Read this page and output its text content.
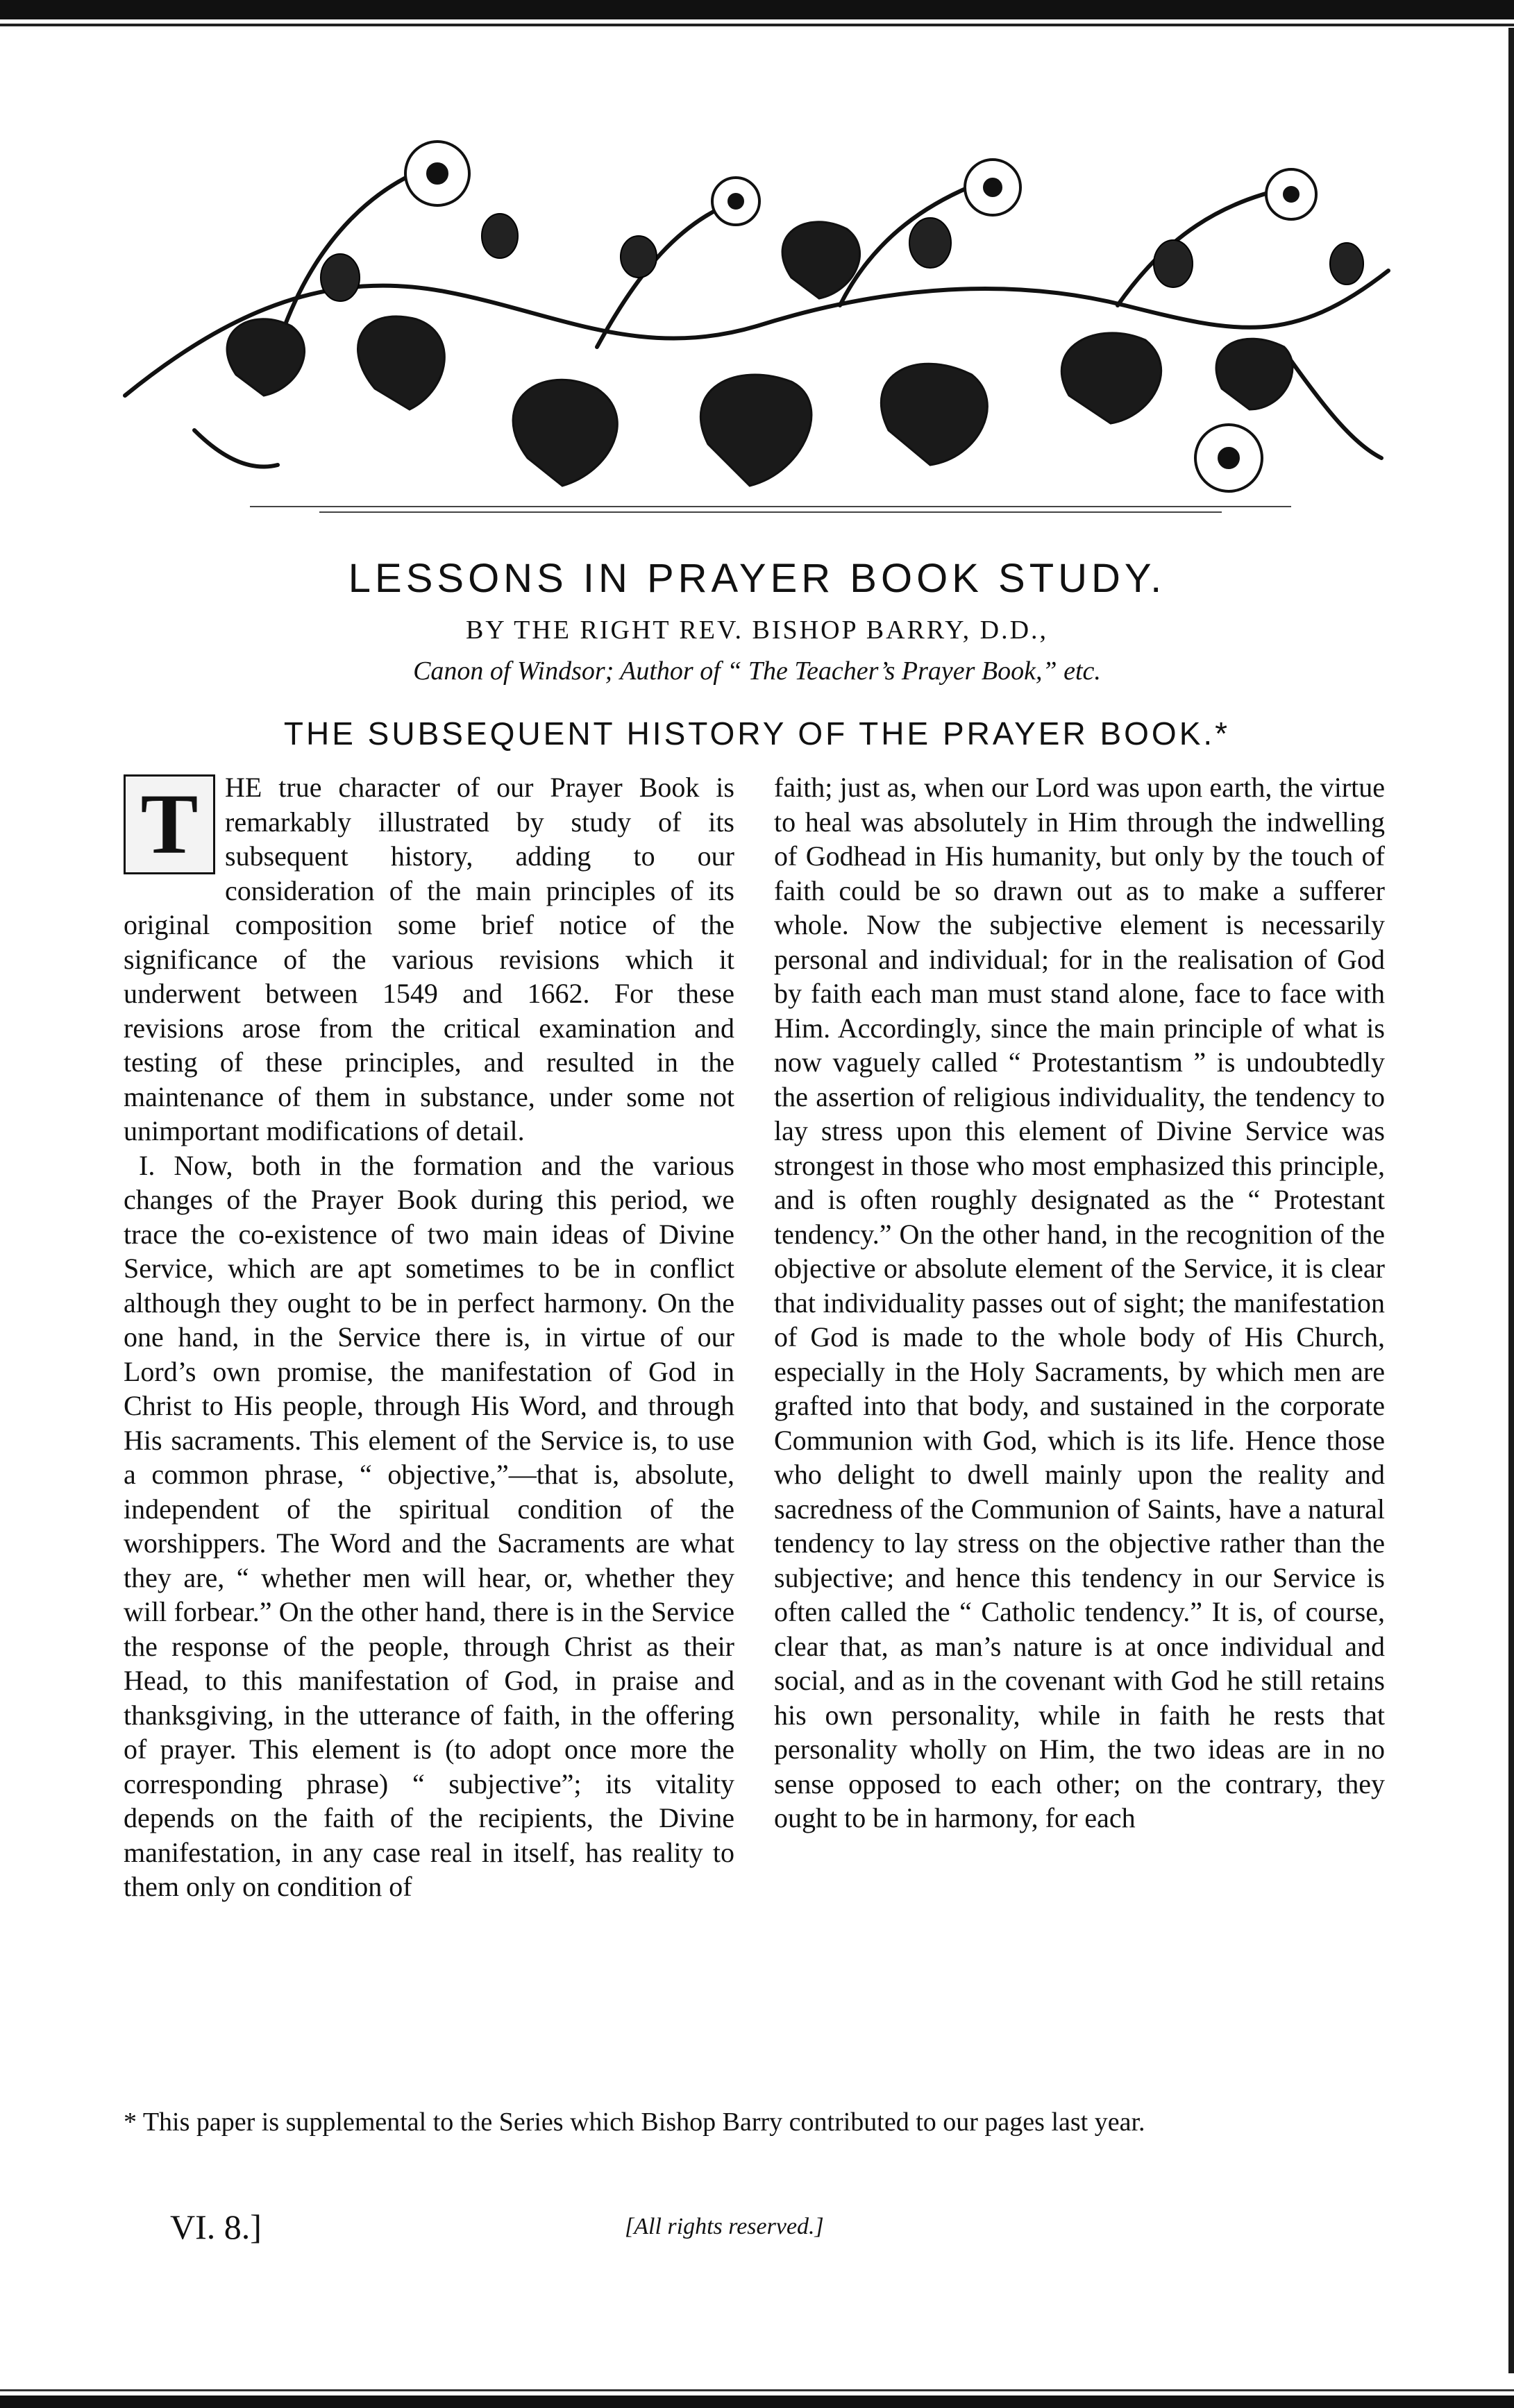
LESSONS IN PRAYER BOOK STUDY.
BY THE RIGHT REV. BISHOP BARRY, D.D.,
Canon of Windsor; Author of “ The Teacher’s Prayer Book,” etc.
THE SUBSEQUENT HISTORY OF THE PRAYER BOOK.*
T HE true character of our Prayer Book is remarkably illustrated by study of its subsequent history, adding to our consideration of the main principles of its original composition some brief notice of the significance of the various revisions which it underwent between 1549 and 1662. For these revisions arose from the critical examination and testing of these principles, and resulted in the maintenance of them in substance, under some not unimportant modifications of detail.

I. Now, both in the formation and the various changes of the Prayer Book during this period, we trace the co-existence of two main ideas of Divine Service, which are apt sometimes to be in conflict although they ought to be in perfect harmony. On the one hand, in the Service there is, in virtue of our Lord’s own promise, the manifestation of God in Christ to His people, through His Word, and through His sacraments. This element of the Service is, to use a common phrase, “ objective,”—that is, absolute, independent of the spiritual condition of the worshippers. The Word and the Sacraments are what they are, “ whether men will hear, or, whether they will forbear.” On the other hand, there is in the Service the response of the people, through Christ as their Head, to this manifestation of God, in praise and thanksgiving, in the utterance of faith, in the offering of prayer. This element is (to adopt once more the corresponding phrase) “ subjective”; its vitality depends on the faith of the recipients, the Divine manifestation, in any case real in itself, has reality to them only on condition of

faith; just as, when our Lord was upon earth, the virtue to heal was absolutely in Him through the indwelling of Godhead in His humanity, but only by the touch of faith could be so drawn out as to make a sufferer whole. Now the subjective element is necessarily personal and individual; for in the realisation of God by faith each man must stand alone, face to face with Him. Accordingly, since the main principle of what is now vaguely called “ Protestantism ” is undoubtedly the assertion of religious individuality, the tendency to lay stress upon this element of Divine Service was strongest in those who most emphasized this principle, and is often roughly designated as the “ Protestant tendency.” On the other hand, in the recognition of the objective or absolute element of the Service, it is clear that individuality passes out of sight; the manifestation of God is made to the whole body of His Church, especially in the Holy Sacraments, by which men are grafted into that body, and sustained in the corporate Communion with God, which is its life. Hence those who delight to dwell mainly upon the reality and sacredness of the Communion of Saints, have a natural tendency to lay stress on the objective rather than the subjective; and hence this tendency in our Service is often called the “ Catholic tendency.” It is, of course, clear that, as man’s nature is at once individual and social, and as in the covenant with God he still retains his own personality, while in faith he rests that personality wholly on Him, the two ideas are in no sense opposed to each other; on the contrary, they ought to be in harmony, for each

* This paper is supplemental to the Series which Bishop Barry contributed to our pages last year.
VI. 8.]	[All rights reserved.]
